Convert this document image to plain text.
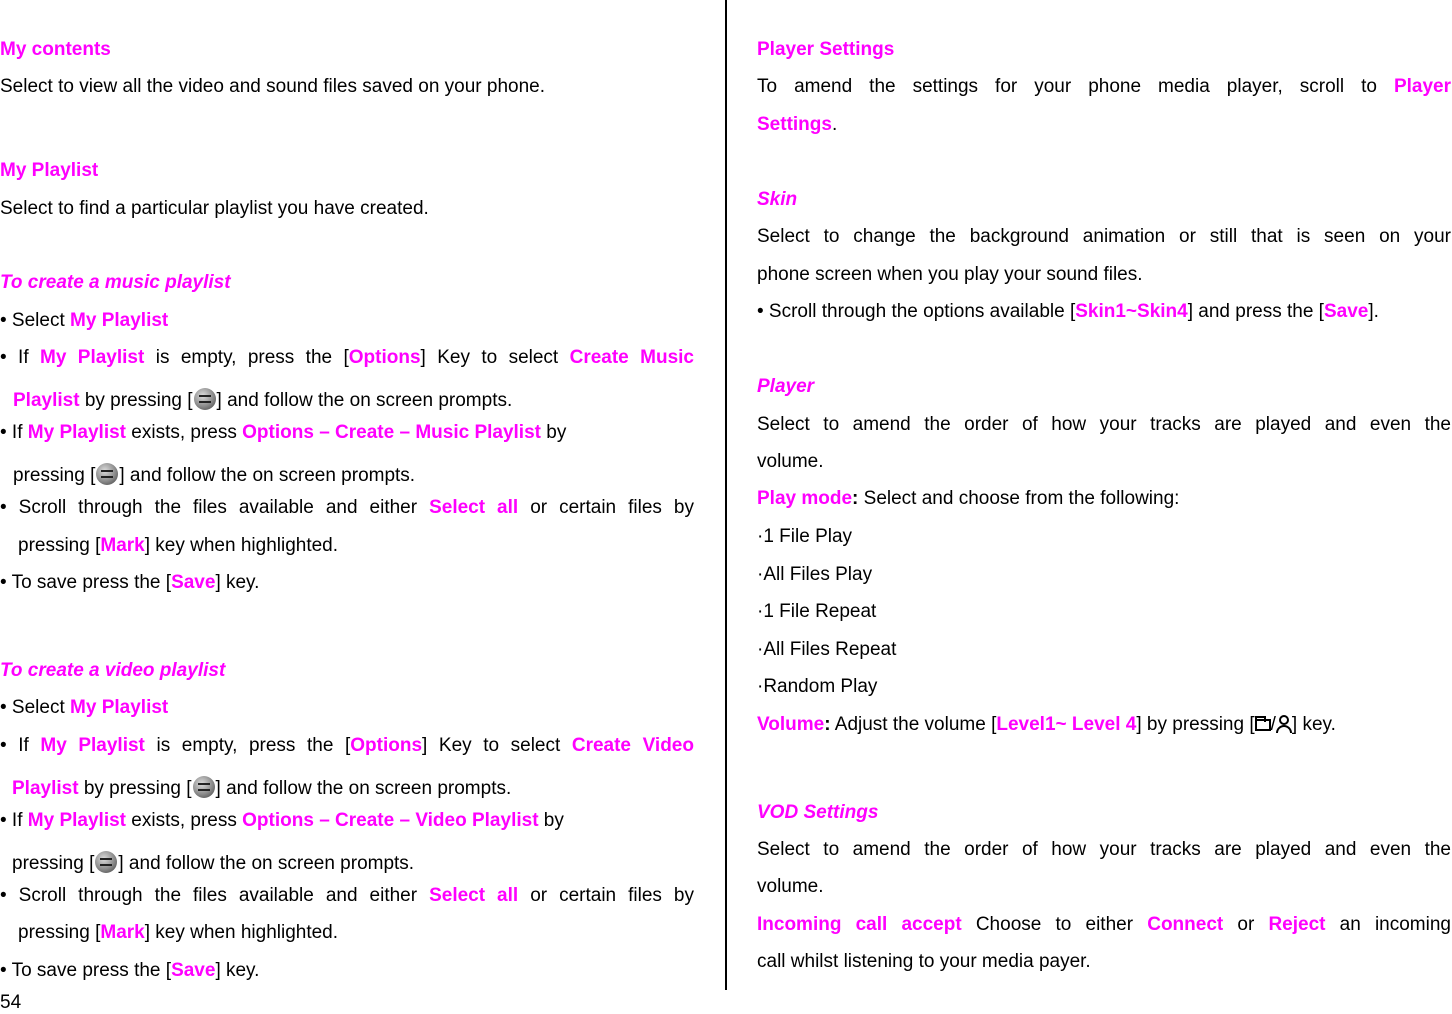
My contents
Select to view all the video and sound files saved on your phone.
My Playlist
Select to find a particular playlist you have created.
To create a music playlist
• Select My Playlist
• If My Playlist is empty, press the [Options] Key to select Create Music
Playlist by pressing [ ] and follow the on screen prompts.
• If My Playlist exists, press Options – Create – Music Playlist by
pressing [ ] and follow the on screen prompts.
• Scroll through the files available and either Select all or certain files by
pressing [Mark] key when highlighted.
• To save press the [Save] key.
To create a video playlist
• Select My Playlist
• If My Playlist is empty, press the [Options] Key to select Create Video
Playlist by pressing [ ] and follow the on screen prompts.
• If My Playlist exists, press Options – Create – Video Playlist by
pressing [ ] and follow the on screen prompts.
• Scroll through the files available and either Select all or certain files by
pressing [Mark] key when highlighted.
• To save press the [Save] key.
54
Player Settings
To amend the settings for your phone media player, scroll to Player
Settings.
Skin
Select to change the background animation or still that is seen on your
phone screen when you play your sound files.
• Scroll through the options available [Skin1~Skin4] and press the [Save].
Player
Select to amend the order of how your tracks are played and even the
volume.
Play mode: Select and choose from the following:
·1 File Play
·All Files Play
·1 File Repeat
·All Files Repeat
·Random Play
Volume: Adjust the volume [Level1~ Level 4] by pressing [ / ] key.
VOD Settings
Select to amend the order of how your tracks are played and even the
volume.
Incoming call accept Choose to either Connect or Reject an incoming
call whilst listening to your media payer.
